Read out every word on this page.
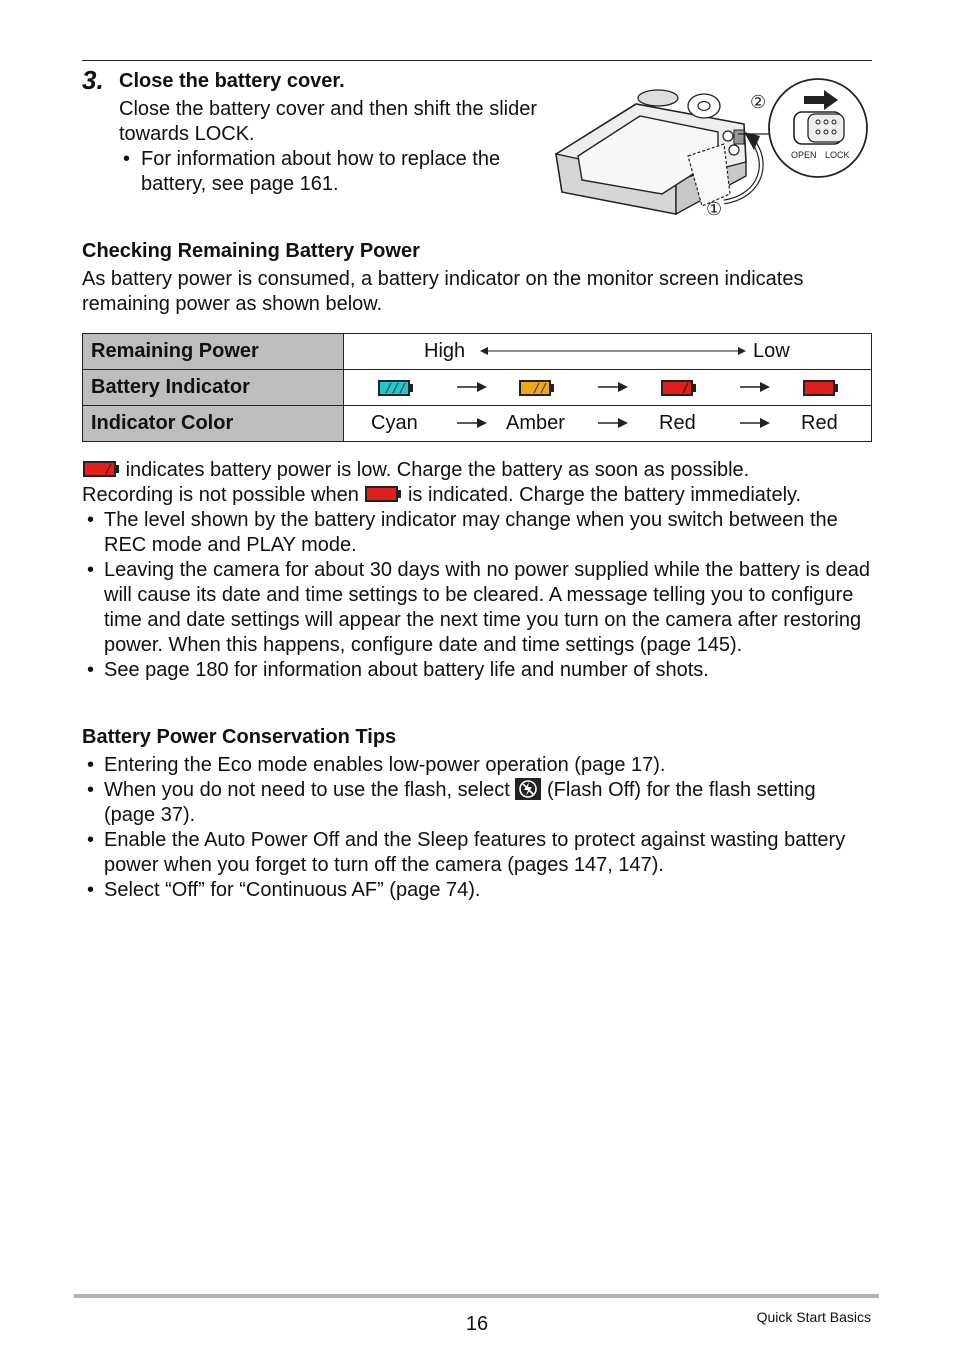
3. Close the battery cover.
Close the battery cover and then shift the slider towards LOCK.
• For information about how to replace the battery, see page 161.
OPEN LOCK
②
①
Checking Remaining Battery Power
As battery power is consumed, a battery indicator on the monitor screen indicates remaining power as shown below.
Remaining Power	High Low

Battery Indicator	

Indicator Color	Cyan Amber Red Red
indicates battery power is low. Charge the battery as soon as possible.
Recording is not possible when is indicated. Charge the battery immediately.
• The level shown by the battery indicator may change when you switch between the REC mode and PLAY mode.
• Leaving the camera for about 30 days with no power supplied while the battery is dead will cause its date and time settings to be cleared. A message telling you to configure time and date settings will appear the next time you turn on the camera after restoring power. When this happens, configure date and time settings (page 145).
• See page 180 for information about battery life and number of shots.
Battery Power Conservation Tips
• Entering the Eco mode enables low-power operation (page 17).
• When you do not need to use the flash, select (Flash Off) for the flash setting (page 37).
• Enable the Auto Power Off and the Sleep features to protect against wasting battery power when you forget to turn off the camera (pages 147, 147).
• Select “Off” for “Continuous AF” (page 74).
16	Quick Start Basics
